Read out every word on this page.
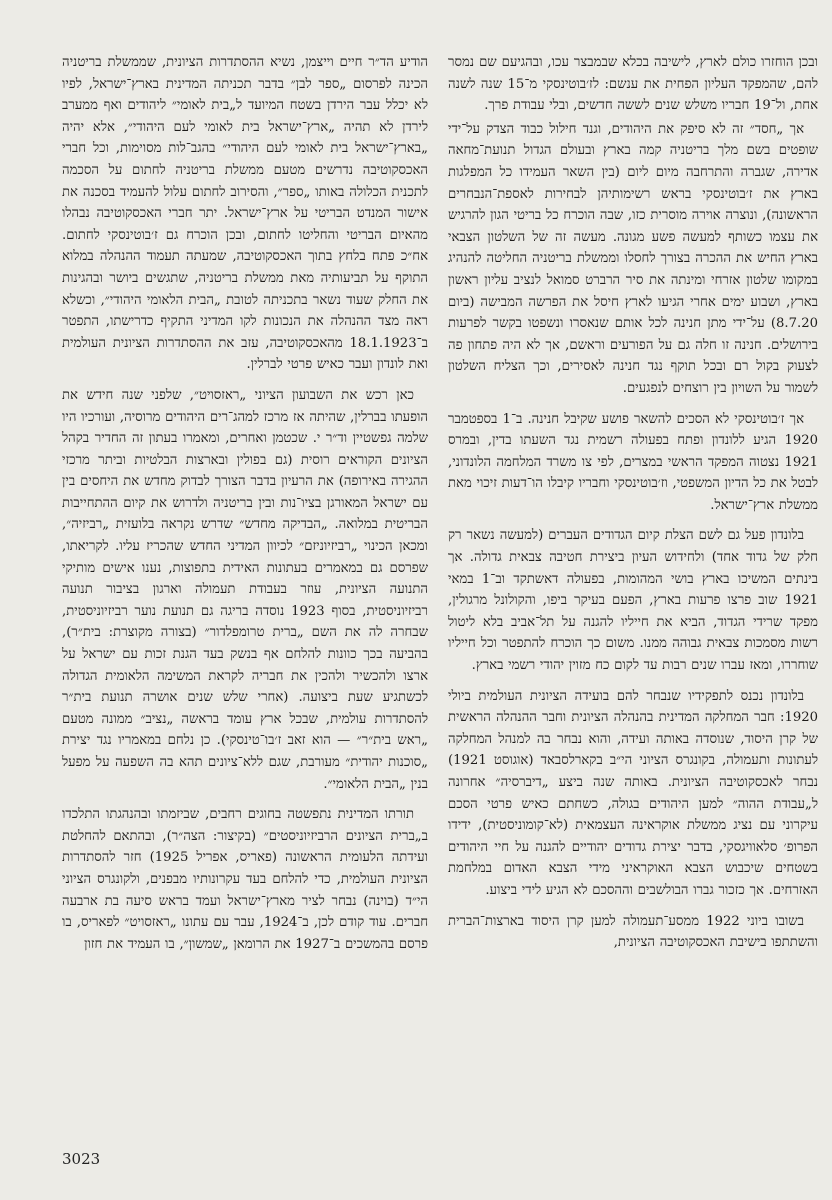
ובכן הוחזרו כולם לארץ, לישיבה בכלא שבמבצר עכו, ובהגיעם שם נמסר להם, שהמפקד העליון הפחית את ענשם: לז׳בוטינסקי מ־15 שנה לשנה אחת, ול־19 חבריו משלש שנים לששה חדשים, ובלי עבודת פרך.

אך „חסד״ זה לא סיפק את היהודים, וגנד חילול כבוד הצדק על־ידי שופטים בשם מלך בריטניה קמה בארץ ובעולם הגדול תנועת־מחאה אדירה, שגברה והתרחבה מיום ליום (בין השאר העמידו כל המפלגות בארץ את ז׳בוטינסקי בראש רשימותיהן לבחירות לאספת־הנבחרים הראשונה), ונוצרה אוירה מוסרית כזו, שבה הוכרח כל בריטי הגון להרגיש את עצמו כשותף למעשה פשע מגונה. מעשה זה של השלטון הצבאי בארץ החיש את ההכרה בצורך לחסלו וממשלת בריטניה החליטה להנהיג במקומו שלטון אזרחי ומינתה את סיר הרברט סמואל לנציב עליון ראשון בארץ, ושבוע ימים אחרי הגיעו לארץ חיסל את הפרשה המבישה (ביום 8.7.20) על־ידי מתן חנינה לכל אותם שנאסרו ונשפטו בקשר לפרעות בירושלים. חנינה זו חלה גם על הפורעים וראשם, אך לא היה פתחון פה לצעוק בקול רם ובכל תוקף נגד חנינה לאסירים, וכך הצליח השלטון לשמור על השויון בין רוצחים לנפגעים.

אך ז׳בוטינסקי לא הסכים להשאר פושע שקיבל חנינה. ב־1 בספטמבר 1920 הגיע ללונדון ופתח בפעולה רשמית נגד השעתו בדין, ובמרס 1921 נצטוה המפקד הראשי במצרים, לפי צו משרד המלחמה הלונדוני, לבטל את כל הדיון המשפטי, וז׳בוטינסקי וחבריו קיבלו הו־דעות זיכוי מאת ממשלת ארץ־ישראל.

בלונדון פעל גם לשם הצלת קיום הגדודים העברים (למעשה נשאר רק חלק של גדוד אחד) ולחידוש העיון ביצירת חטיבה צבאית גדולה. אך בינתים המשיכו בארץ בושי המהומות, בפעולה דאשתקד וב־1 במאי 1921 שוב פרצו פרעות בארץ, הפעם בעיקר ביפו, והקולונל מרגולין, מפקד שרידי הגדוד, הביא את חייליו להגנה על תל־אביב בלא ליטול רשות מסמכות צבאית גבוהה ממנו. משום כך הוכרח להתפטר וכל חייליו שוחררו, ומאז עברו שנים רבות עד לקום כח מזוין יהודי רשמי בארץ.

בלונדון נכנס לתפקידיו שנבחר להם בועידה הציונית העולמית ביולי 1920: חבר המחלקה המדינית בהנהלה הציונית וחבר ההנהלה הראשית של קרן היסוד, שנוסדה באותה ועידה, והוא נבחר בה למנהל המחלקה לעתונות ותעמולה, בקונגרס הציוני הי״ב בקארלסבאד (אוגוסט 1921) נבחר לאכסקוטיבה הציונית. באותה שנה ביצע „דיברסיה״ אחרונה ל„עבודת ההוה״ למען היהודים בגולה, כשחתם כאיש פרטי הסכם עיקרוני עם נציג ממשלת אוקראינה העצמאית (לא־קומוניסטית), ידידו הפרופ׳ סלאוויגסקי, בדבר יצירת גדודים יהודיים להגנה על חיי היהודים בשטחים שיכבוש הצבא האוקראיני מידי הצבא האדום במלחמת האזרחים. אך כזכור גברו הבולשבים וההסכם לא הגיע לידי ביצוע.

בשובו ביוני 1922 ממסע־תעמולה למען קרן היסוד בארצות־הברית והשתתפו בישיבת האכסקוטיבה הציונית,

הודיע הד״ר חיים וייצמן, נשיא ההסתדרות הציונית, שממשלת בריטניה הכינה לפרסום „ספר לבן״ בדבר תכניתה המדינית בארץ־ישראל, לפיו לא יכלל עבר הירדן בשטח המיועד ל„בית לאומי״ ליהודים ואף ממערב לירדן לא תהיה „ארץ־ישראל בית לאומי לעם היהודי״, אלא יהיה „בארץ־ישראל בית לאומי לעם היהודי״ בהגב־לות מסוימות, וכל חברי האכסקוטיבה נדרשים מטעם ממשלת בריטניה לחתום על הסכמה לתכנית הכלולה באותו „ספר״, והסירוב לחתום עלול להעמיד בסכנה את אישור המנדט הבריטי על ארץ־ישראל. יתר חברי האכסקוטיבה נבהלו מהאיום הבריטי והחליטו לחתום, ובכן הוכרח גם ז׳בוטינסקי לחתום. אח״כ פתח בלחץ בתוך האכסקוטיבה, שמעתה תעמוד ההנהלה במלוא התוקף על תביעותיה מאת ממשלת בריטניה, שתגשים ביושר ובהגינות את החלק שעוד נשאר בתכניתה לטובת „הבית הלאומי היהודי״, וכשלא ראה מצד ההנהלה את הנכונות לקו המדיני התקיף כדרישתו, התפטר ב־18.1.1923 מהאכסקוטיבה, עזב את ההסתדרות הציונית העולמית ואת לונדון ועבר כאיש פרטי לברלין.

כאן רכש את השבועון הציוני „ראזסויט״, שלפני שנה חידש את הופעתו בברלין, שהיתה אז מרכז למהג־רים היהודים מרוסיה, ועורכיו היו שלמה גפשטיין וד״ר י. שכטמן ואחרים, ומאמרו בעתון זה החדיר בקהל הציונים הקוראים רוסית (גם בפולין ובארצות הבלטיות וביתר מרכזי ההגירה באירופה) את הרעיון בדבר הצורך לבדוק מחדש את היחסים בין עם ישראל המאורגן בציו־נות ובין בריטניה ולדרוש את קיום ההתחייבות הבריטית במלואה. „הבדיקה מחדש״ שדרש נקראה בלועזית „רביזיה״, ומכאן הכינוי „רביזיוניזם״ לכיוון המדיני החדש שהכריז עליו. לקריאתו, שפרסם גם במאמרים בעתונות האידית בתפוצות, נענו אישים מותיקי התנועה הציונית, עוזר בעבודת תעמולה וארגון בציבור תנועה רביזיוניסטית, בסוף 1923 נוסדה בריגה גם תנועת נוער רביזיוניסטית, שבחרה לה את השם „ברית טרומפלדור״ (בצורה מקוצרת: בית״ר), בהביעה בכך כוונות להלחם אף בנשק בעד הגנת זכות עם ישראל על ארצו ולהכשיר ולהכין את חבריה לקראת המשימה הלאומית הגדולה לכשתגיע שעת ביצועה. (אחרי שלש שנים אושרה תנועת בית״ר להסתדרות עולמית, שבכל ארץ עומד בראשה „נציב״ ממונה מטעם „ראש בית״ר״ — הוא זאב ז׳בו־טינסקי). כן נלחם במאמריו נגד יצירת „סוכנות יהודית״ מעורבת, שגם ללא־ציונים תהא בה השפעה על מפעל בנין „הבית הלאומי״.

תורתו המדינית נתפשטה בחוגים רחבים, שביזמתו ובהנהגתו התלכדו ב„ברית הציונים הרביזיוניסטים״ (בקיצור: הצה״ר), ובהתאם להחלטת ועידתה הלעומית הראשונה (פאריס, אפריל 1925) חזר להסתדרות הציונית העולמית, כדי להלחם בעד עקרונותיו מבפנים, ולקונגרס הציוני הי״ד (בוינה) נבחר לציר מארץ־ישראל ועמד בראש סיעה בת ארבעה חברים. עוד קודם לכן, ב־1924, עבר עם עתונו „ראזסויט״ לפאריס, בו פרסם בהמשכים ב־1927 את הרומאן „שמשון״, בו העמיד את חזון

3023
